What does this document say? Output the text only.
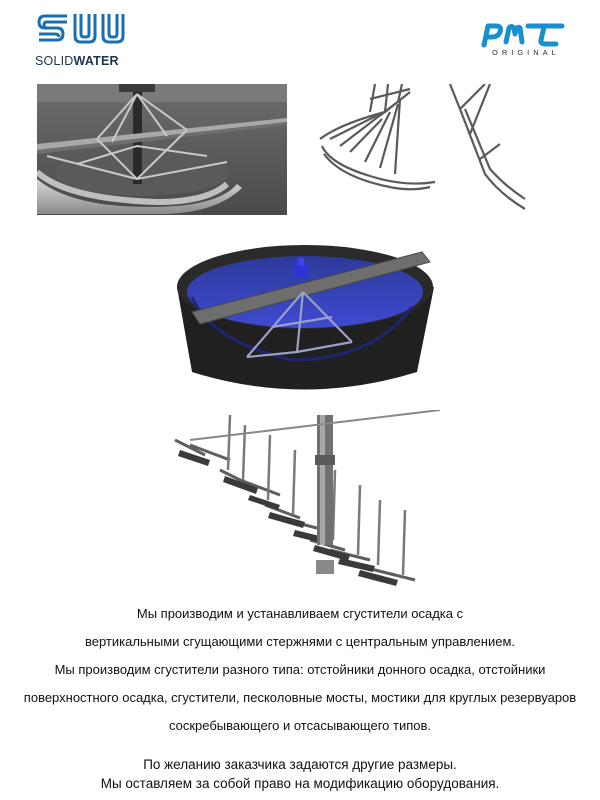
SOLIDWATER
ORIGINAL

Мы производим и устанавливаем сгустители осадка с

вертикальными сгущающими стержнями с центральным управлением.

Мы производим сгустители разного типа: отстойники донного осадка, отстойники

поверхностного осадка, сгустители, песколовные мосты, мостики для круглых резервуаров

соскребывающего и отсасывающего типов.

По желанию заказчика задаются другие размеры.

Мы оставляем за собой право на модификацию оборудования.
